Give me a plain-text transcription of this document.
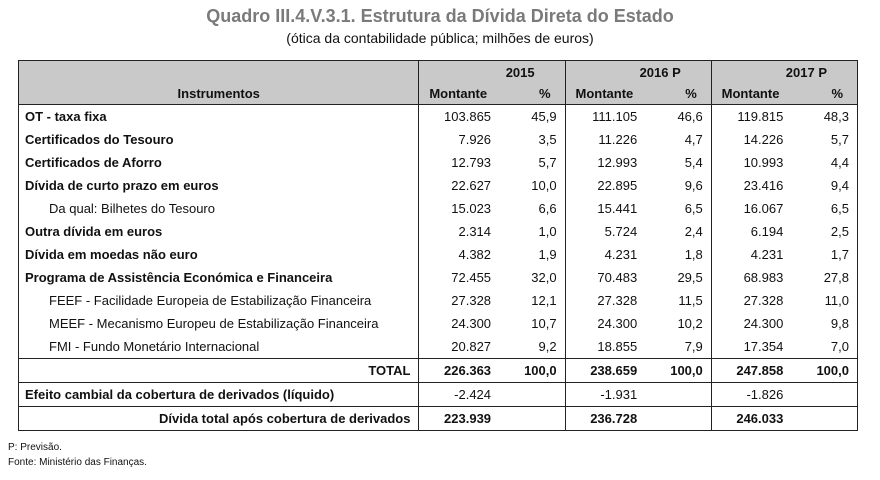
Quadro III.4.V.3.1. Estrutura da Dívida Direta do Estado
(ótica da contabilidade pública; milhões de euros)
	2015		2016 P		2017 P	
Instrumentos	Montante	%	Montante	%	Montante	%
OT - taxa fixa	103.865	45,9	111.105	46,6	119.815	48,3
Certificados do Tesouro	7.926	3,5	11.226	4,7	14.226	5,7
Certificados de Aforro	12.793	5,7	12.993	5,4	10.993	4,4
Dívida de curto prazo em euros	22.627	10,0	22.895	9,6	23.416	9,4
Da qual: Bilhetes do Tesouro	15.023	6,6	15.441	6,5	16.067	6,5
Outra dívida em euros	2.314	1,0	5.724	2,4	6.194	2,5
Dívida em moedas não euro	4.382	1,9	4.231	1,8	4.231	1,7
Programa de Assistência Económica e Financeira	72.455	32,0	70.483	29,5	68.983	27,8
FEEF - Facilidade Europeia de Estabilização Financeira	27.328	12,1	27.328	11,5	27.328	11,0
MEEF - Mecanismo Europeu de Estabilização Financeira	24.300	10,7	24.300	10,2	24.300	9,8
FMI - Fundo Monetário Internacional	20.827	9,2	18.855	7,9	17.354	7,0
TOTAL	226.363	100,0	238.659	100,0	247.858	100,0
Efeito cambial da cobertura de derivados (líquido)	-2.424		-1.931		-1.826	
Dívida total após cobertura de derivados	223.939		236.728		246.033	
P: Previsão.
Fonte: Ministério das Finanças.
